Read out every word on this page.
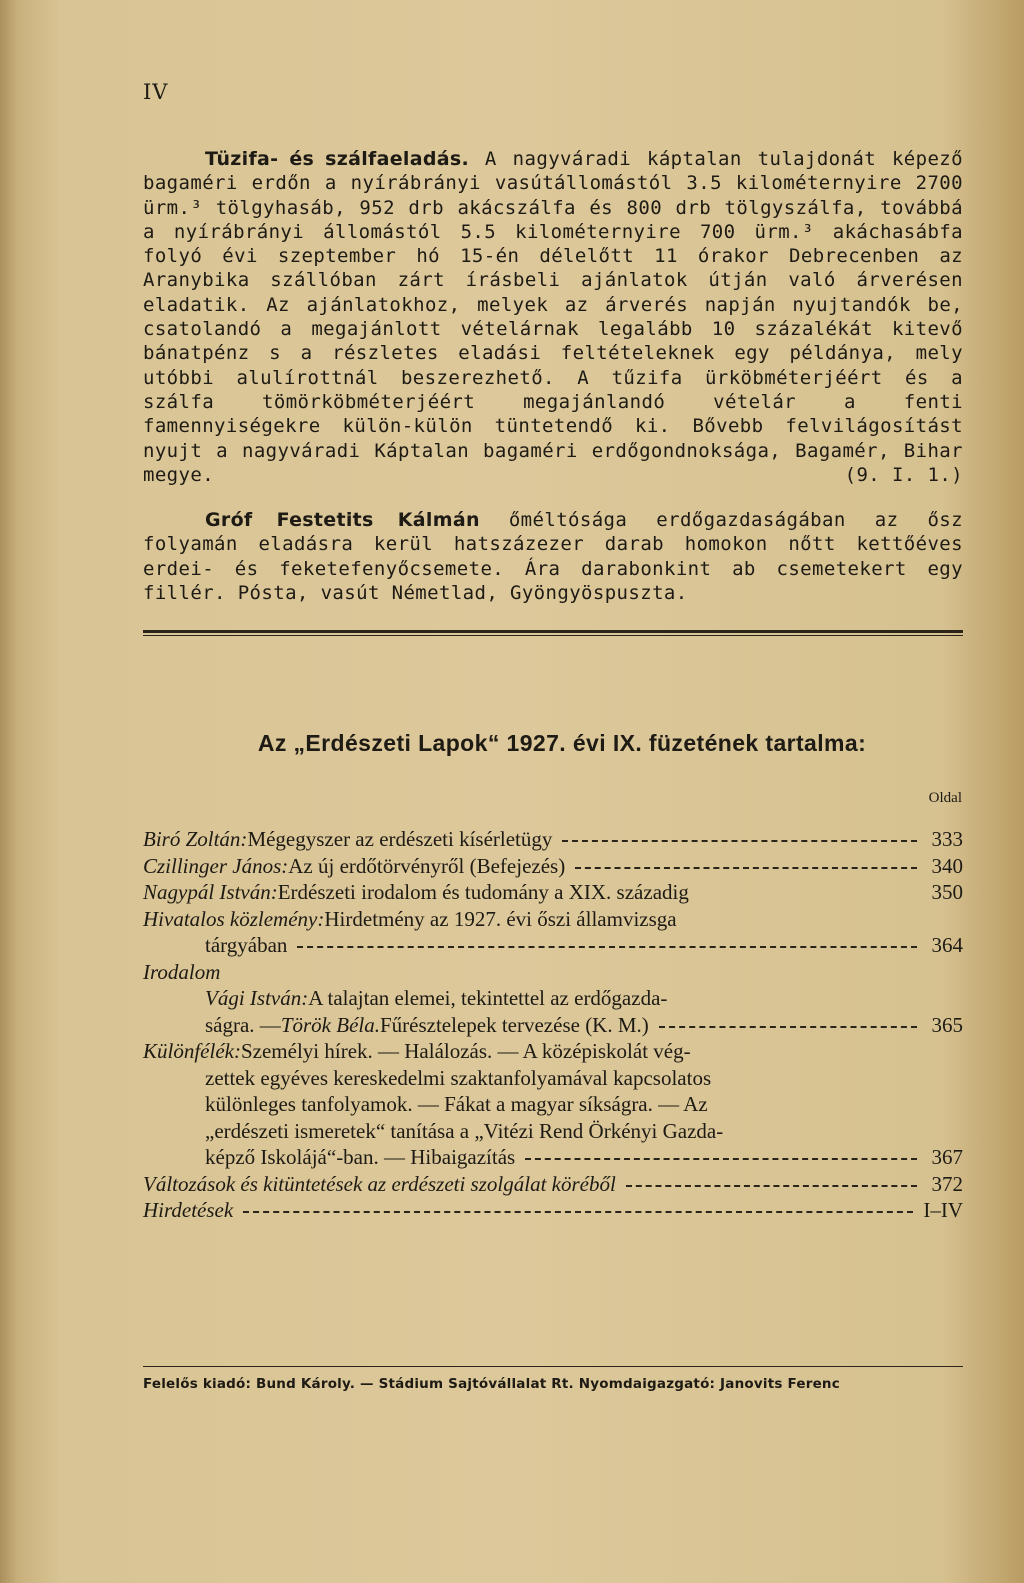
IV

Tüzifa- és szálfaeladás. A nagyváradi káptalan tulajdonát képező bagaméri erdőn a nyírábrányi vasútállomástól 3.5 kilométernyire 2700 ürm.³ tölgyhasáb, 952 drb akácszálfa és 800 drb tölgyszálfa, továbbá a nyírábrányi állomástól 5.5 kilométernyire 700 ürm.³ akáchasábfa folyó évi szeptember hó 15-én délelőtt 11 órakor Debrecenben az Aranybika szállóban zárt írásbeli ajánlatok útján való árverésen eladatik. Az ajánlatokhoz, melyek az árverés napján nyujtandók be, csatolandó a megajánlott vételárnak legalább 10 százalékát kitevő bánatpénz s a részletes eladási feltételeknek egy példánya, mely utóbbi alulírottnál beszerezhető. A tűzifa ürköbméterjéért és a szálfa tömörköbméterjéért megajánlandó vételár a fenti famennyiségekre külön-külön tüntetendő ki. Bővebb felvilágosítást nyujt a nagyváradi Káptalan bagaméri erdőgondnoksága, Bagamér, Bihar megye.	(9. I. 1.)

Gróf Festetits Kálmán őméltósága erdőgazdaságában az ősz folyamán eladásra kerül hatszázezer darab homokon nőtt kettőéves erdei- és feketefenyőcsemete. Ára darabonkint ab csemetekert egy fillér. Pósta, vasút Németlad, Gyöngyöspuszta.

Az „Erdészeti Lapok“ 1927. évi IX. füzetének tartalma:
Oldal
Biró Zoltán: Mégegyszer az erdészeti kísérletügy	333
Czillinger János: Az új erdőtörvényről (Befejezés)	340
Nagypál István: Erdészeti irodalom és tudomány a XIX. századig	350
Hivatalos közlemény: Hirdetmény az 1927. évi őszi államvizsga
tárgyában	364
Irodalom
Vági István: A talajtan elemei, tekintettel az erdőgazda-
ságra. — Török Béla. Fűrésztelepek tervezése (K. M.)	365
Különfélék: Személyi hírek. — Halálozás. — A középiskolát vég-
zettek egyéves kereskedelmi szaktanfolyamával kapcsolatos
különleges tanfolyamok. — Fákat a magyar síkságra. — Az
„erdészeti ismeretek“ tanítása a „Vitézi Rend Örkényi Gazda-
képző Iskolájá“-ban. — Hibaigazítás	367
Változások és kitüntetések az erdészeti szolgálat köréből	372
Hirdetések	I–IV
Felelős kiadó: Bund Károly. — Stádium Sajtóvállalat Rt. Nyomdaigazgató: Janovits Ferenc
